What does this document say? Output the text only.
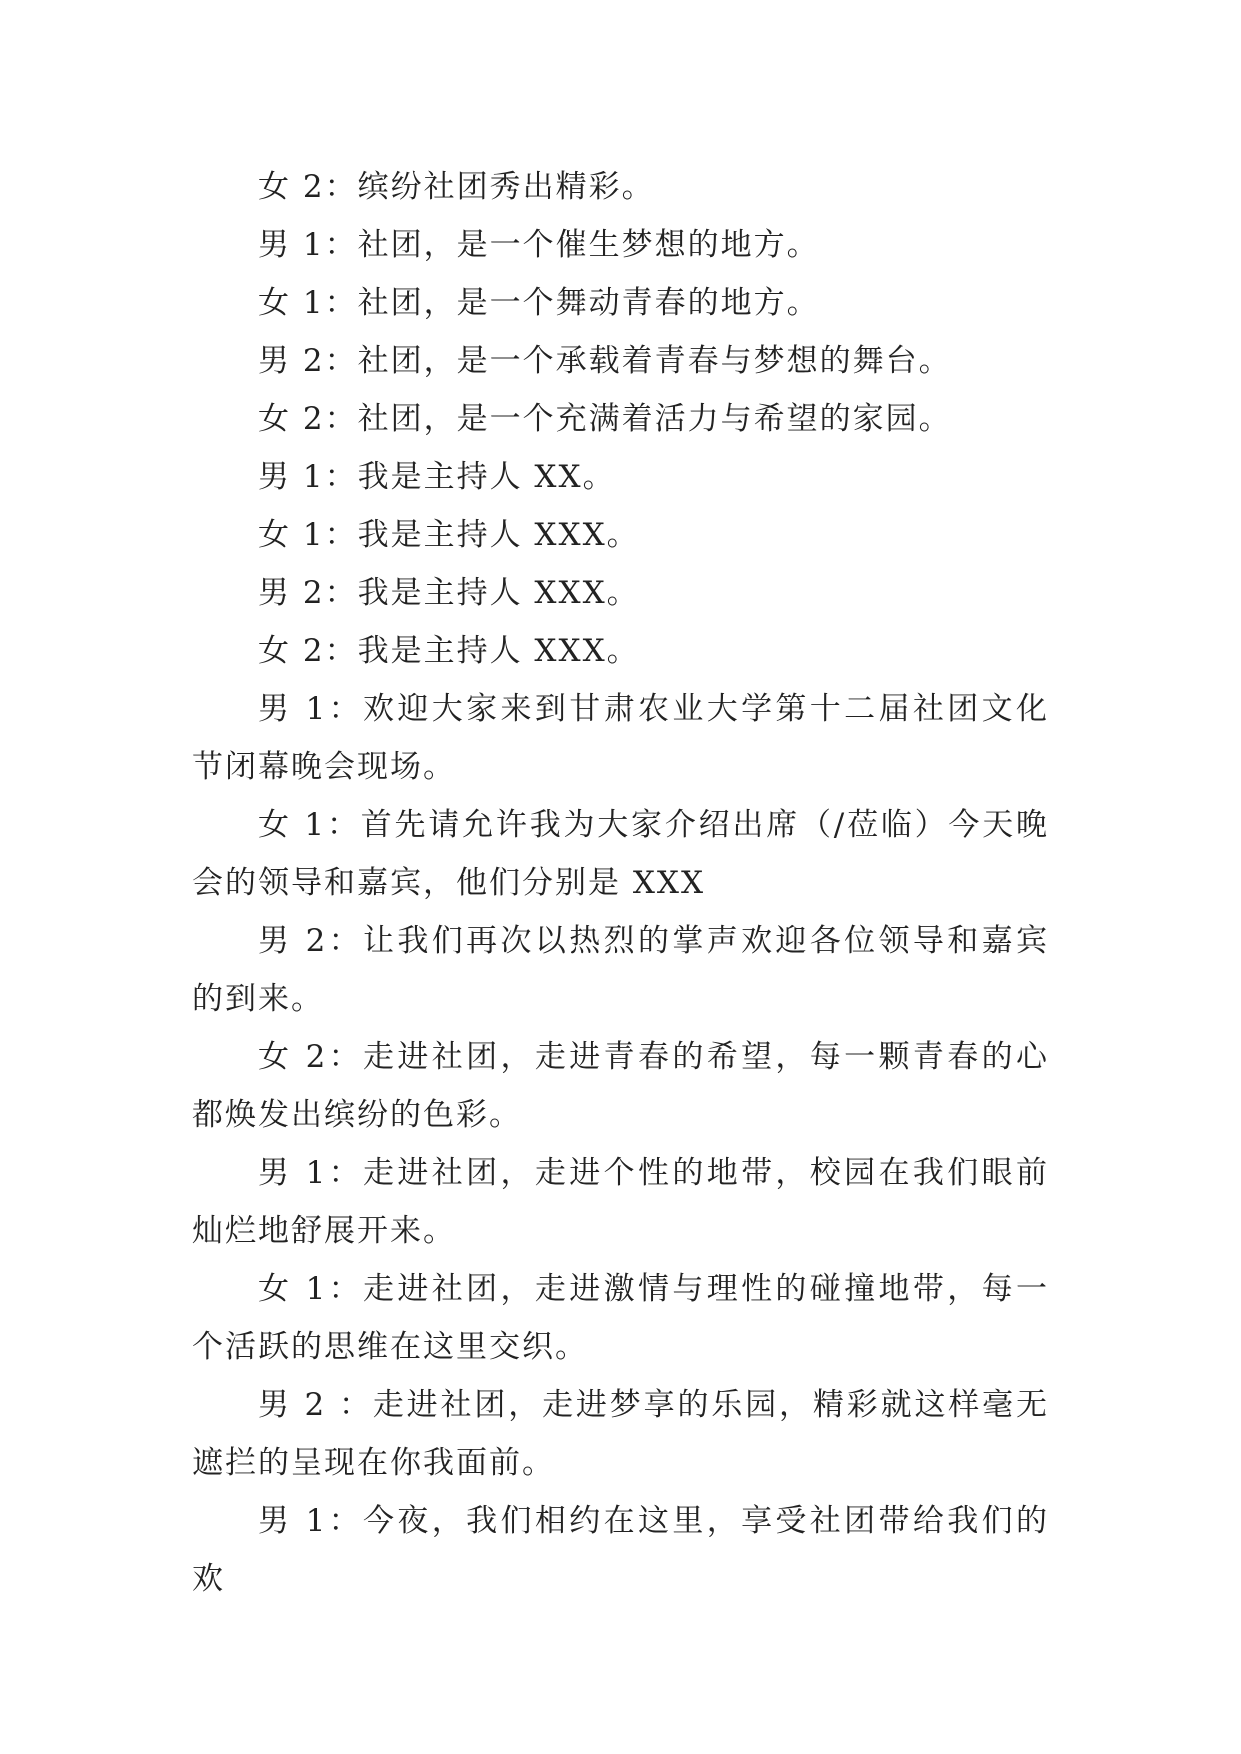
女 2：缤纷社团秀出精彩。

男 1：社团，是一个催生梦想的地方。

女 1：社团，是一个舞动青春的地方。

男 2：社团，是一个承载着青春与梦想的舞台。

女 2：社团，是一个充满着活力与希望的家园。

男 1：我是主持人 XX。

女 1：我是主持人 XXX。

男 2：我是主持人 XXX。

女 2：我是主持人 XXX。

男 1：欢迎大家来到甘肃农业大学第十二届社团文化节闭幕晚会现场。

女 1：首先请允许我为大家介绍出席（/莅临）今天晚会的领导和嘉宾，他们分别是 XXX

男 2：让我们再次以热烈的掌声欢迎各位领导和嘉宾的到来。

女 2：走进社团，走进青春的希望，每一颗青春的心都焕发出缤纷的色彩。

男 1：走进社团，走进个性的地带，校园在我们眼前灿烂地舒展开来。

女 1：走进社团，走进激情与理性的碰撞地带，每一个活跃的思维在这里交织。

男 2 ：走进社团，走进梦享的乐园，精彩就这样毫无遮拦的呈现在你我面前。

男 1：今夜，我们相约在这里，享受社团带给我们的欢
